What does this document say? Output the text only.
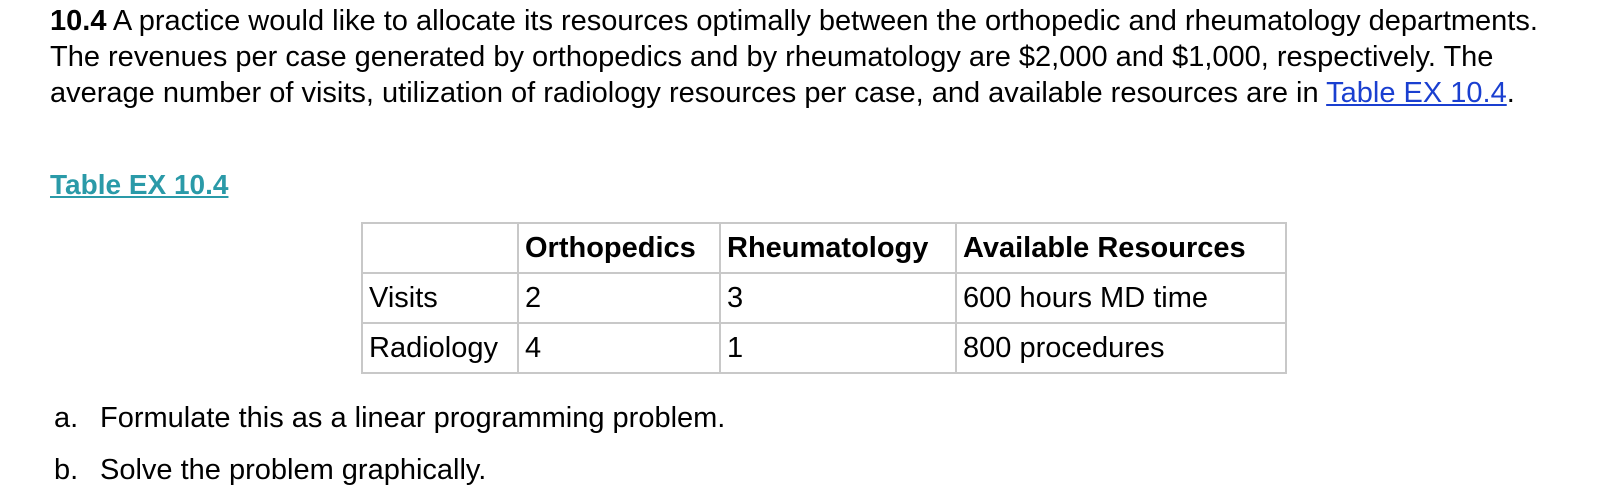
10.4 A practice would like to allocate its resources optimally between the orthopedic and rheumatology departments. The revenues per case generated by orthopedics and by rheumatology are $2,000 and $1,000, respectively. The average number of visits, utilization of radiology resources per case, and available resources are in Table EX 10.4.

Table EX 10.4
	Orthopedics	Rheumatology	Available Resources
Visits	2	3	600 hours MD time
Radiology	4	1	800 procedures
a. Formulate this as a linear programming problem.
b. Solve the problem graphically.
